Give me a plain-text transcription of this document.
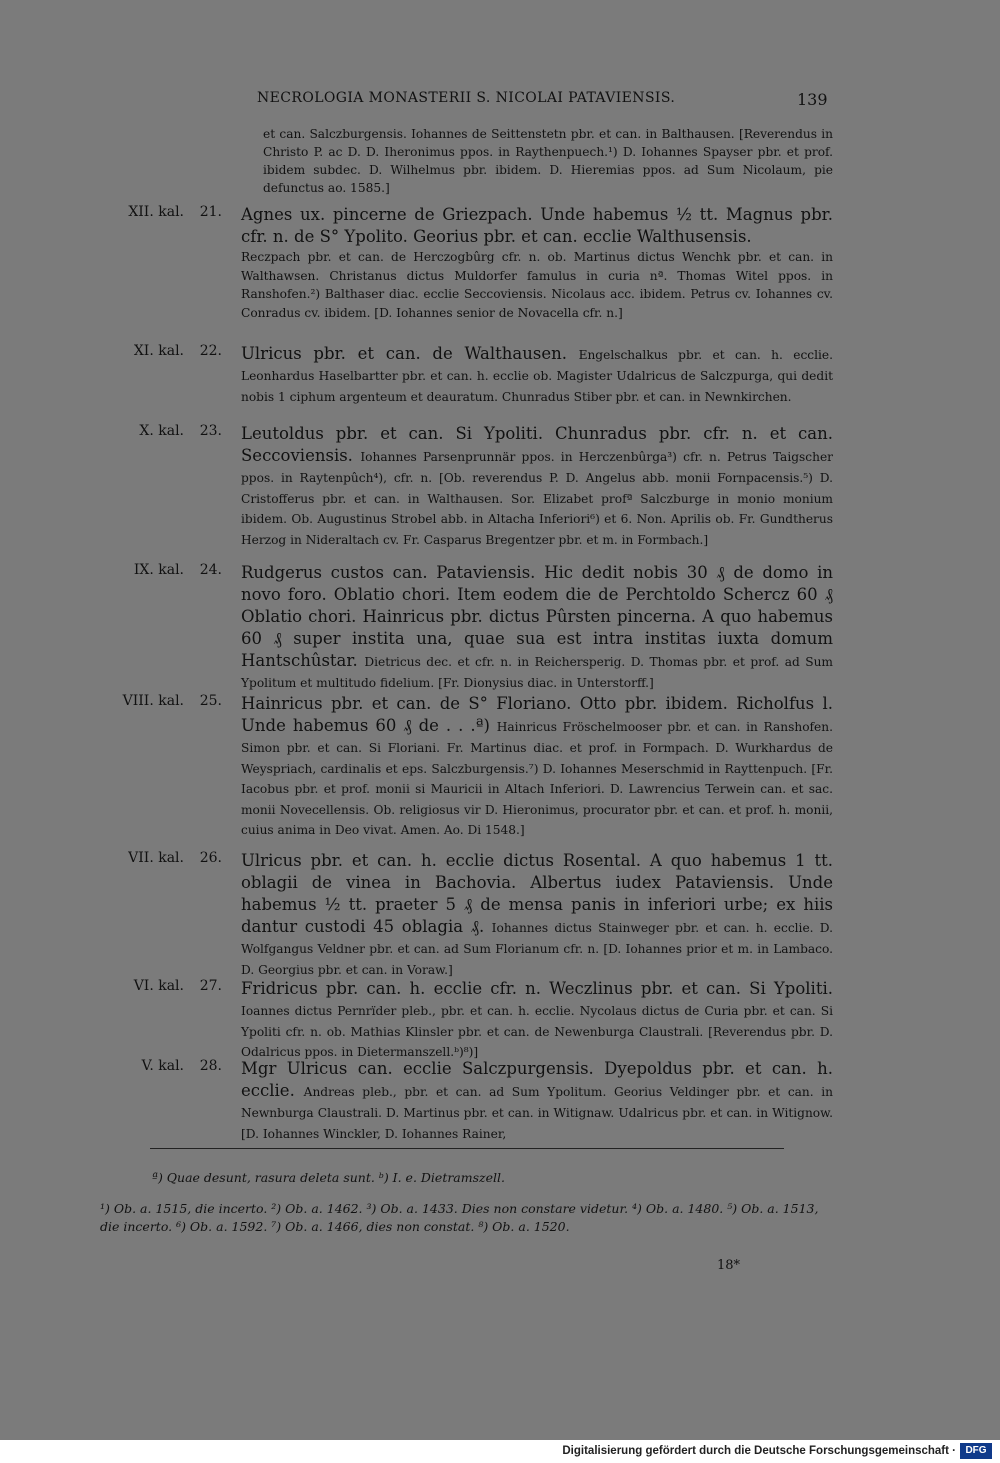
NECROLOGIA MONASTERII S. NICOLAI PATAVIENSIS.	139
et can. Salczburgensis. Iohannes de Seittenstetn pbr. et can. in Balthausen. [Reverendus in Christo P. ac D. D. Iheronimus ppos. in Raythenpuech.¹) D. Iohannes Spayser pbr. et prof. ibidem subdec. D. Wilhelmus pbr. ibidem. D. Hieremias ppos. ad Sum Nicolaum, pie defunctus ao. 1585.]
XII. kal.	21. Agnes ux. pincerne de Griezpach. Unde habemus ½ tt. Magnus pbr. cfr. n. de S° Ypolito. Georius pbr. et can. ecclie Walthusensis.
Reczpach pbr. et can. de Herczogbûrg cfr. n. ob. Martinus dictus Wenchk pbr. et can. in Walthawsen. Christanus dictus Muldorfer famulus in curia nª. Thomas Witel ppos. in Ranshofen.²) Balthaser diac. ecclie Seccoviensis. Nicolaus acc. ibidem. Petrus cv. Iohannes cv. Conradus cv. ibidem. [D. Iohannes senior de Novacella cfr. n.]
XI. kal.	22. Ulricus pbr. et can. de Walthausen. Engelschalkus pbr. et can. h. ecclie. Leonhardus Haselbartter pbr. et can. h. ecclie ob. Magister Udalricus de Salczpurga, qui dedit nobis 1 ciphum argenteum et deauratum. Chunradus Stiber pbr. et can. in Newnkirchen.
X. kal.	23. Leutoldus pbr. et can. Si Ypoliti. Chunradus pbr. cfr. n. et can. Seccoviensis. Iohannes Parsenprunnär ppos. in Herczenbûrga³) cfr. n. Petrus Taigscher ppos. in Raytenpûch⁴), cfr. n. [Ob. reverendus P. D. Angelus abb. monii Fornpacensis.⁵) D. Cristofferus pbr. et can. in Walthausen. Sor. Elizabet profª Salczburge in monio monium ibidem. Ob. Augustinus Strobel abb. in Altacha Inferiori⁶) et 6. Non. Aprilis ob. Fr. Gundtherus Herzog in Nideraltach cv. Fr. Casparus Bregentzer pbr. et m. in Formbach.]
IX. kal.	24. Rudgerus custos can. Pataviensis. Hic dedit nobis 30 ₰ de domo in novo foro. Oblatio chori. Item eodem die de Perchtoldo Schercz 60 ₰ Oblatio chori. Hainricus pbr. dictus Pûrsten pincerna. A quo habemus 60 ₰ super instita una, quae sua est intra institas iuxta domum Hantschûstar. Dietricus dec. et cfr. n. in Reichersperig. D. Thomas pbr. et prof. ad Sum Ypolitum et multitudo fidelium. [Fr. Dionysius diac. in Unterstorff.]
VIII. kal.	25. Hainricus pbr. et can. de S° Floriano. Otto pbr. ibidem. Richolfus l. Unde habemus 60 ₰ de . . .ª) Hainricus Fröschelmooser pbr. et can. in Ranshofen. Simon pbr. et can. Si Floriani. Fr. Martinus diac. et prof. in Formpach. D. Wurkhardus de Weyspriach, cardinalis et eps. Salczburgensis.⁷) D. Iohannes Meserschmid in Rayttenpuch. [Fr. Iacobus pbr. et prof. monii si Mauricii in Altach Inferiori. D. Lawrencius Terwein can. et sac. monii Novecellensis. Ob. religiosus vir D. Hieronimus, procurator pbr. et can. et prof. h. monii, cuius anima in Deo vivat. Amen. Ao. Di 1548.]
VII. kal.	26. Ulricus pbr. et can. h. ecclie dictus Rosental. A quo habemus 1 tt. oblagii de vinea in Bachovia. Albertus iudex Pataviensis. Unde habemus ½ tt. praeter 5 ₰ de mensa panis in inferiori urbe; ex hiis dantur custodi 45 oblagia ₰. Iohannes dictus Stainweger pbr. et can. h. ecclie. D. Wolfgangus Veldner pbr. et can. ad Sum Florianum cfr. n. [D. Iohannes prior et m. in Lambaco. D. Georgius pbr. et can. in Voraw.]
VI. kal.	27. Fridricus pbr. can. h. ecclie cfr. n. Weczlinus pbr. et can. Si Ypoliti. Ioannes dictus Pernrïder pleb., pbr. et can. h. ecclie. Nycolaus dictus de Curia pbr. et can. Si Ypoliti cfr. n. ob. Mathias Klinsler pbr. et can. de Newenburga Claustrali. [Reverendus pbr. D. Odalricus ppos. in Dietermanszell.ᵇ)⁸)]
V. kal.	28. Mgr Ulricus can. ecclie Salczpurgensis. Dyepoldus pbr. et can. h. ecclie. Andreas pleb., pbr. et can. ad Sum Ypolitum. Georius Veldinger pbr. et can. in Newnburga Claustrali. D. Martinus pbr. et can. in Witignaw. Udalricus pbr. et can. in Witignow. [D. Iohannes Winckler, D. Iohannes Rainer,
ª) Quae desunt, rasura deleta sunt. ᵇ) I. e. Dietramszell.
¹) Ob. a. 1515, die incerto. ²) Ob. a. 1462. ³) Ob. a. 1433. Dies non constare videtur. ⁴) Ob. a. 1480. ⁵) Ob. a. 1513, die incerto. ⁶) Ob. a. 1592. ⁷) Ob. a. 1466, dies non constat. ⁸) Ob. a. 1520.
18*
Digitalisierung gefördert durch die Deutsche Forschungsgemeinschaft · DFG
